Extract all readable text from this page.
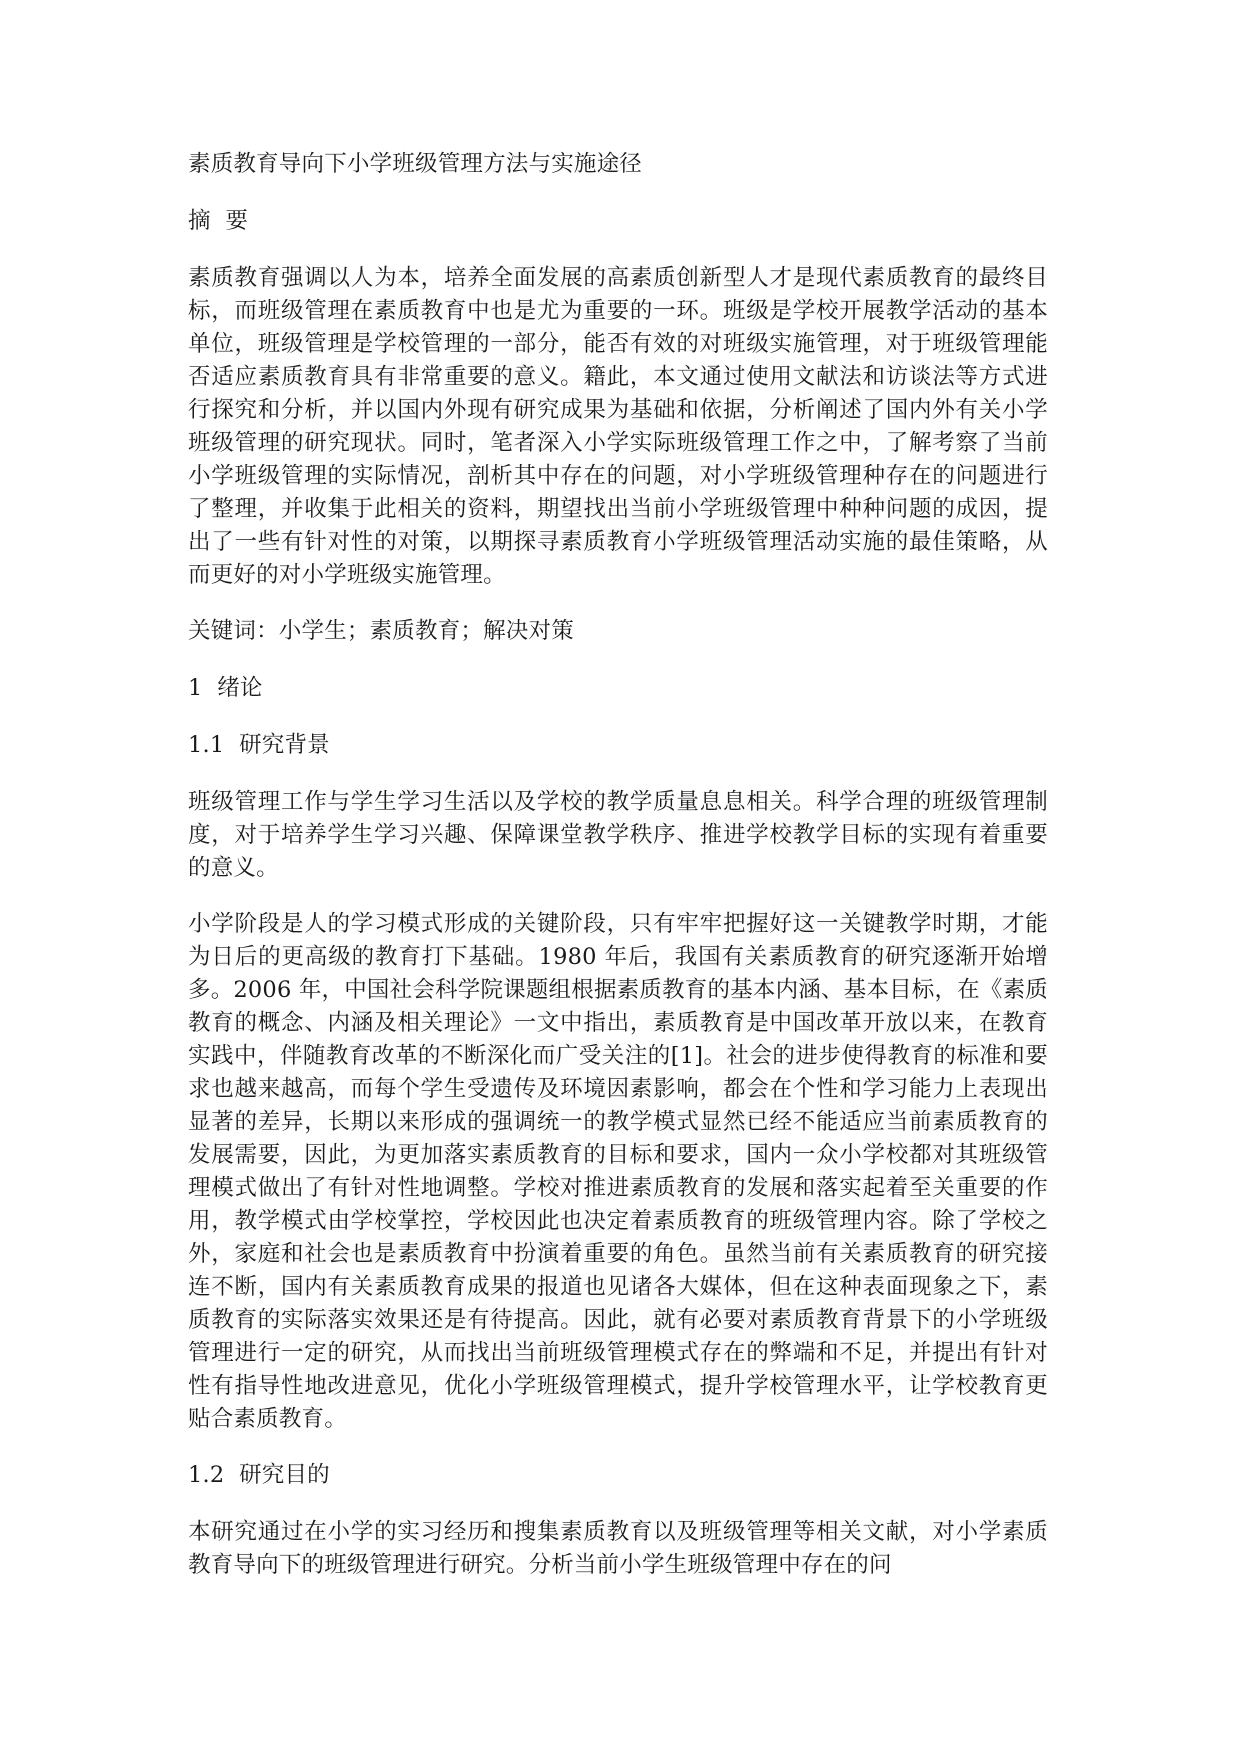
素质教育导向下小学班级管理方法与实施途径

摘  要

素质教育强调以人为本，培养全面发展的高素质创新型人才是现代素质教育的最终目标，而班级管理在素质教育中也是尤为重要的一环。班级是学校开展教学活动的基本单位，班级管理是学校管理的一部分，能否有效的对班级实施管理，对于班级管理能否适应素质教育具有非常重要的意义。籍此，本文通过使用文献法和访谈法等方式进行探究和分析，并以国内外现有研究成果为基础和依据，分析阐述了国内外有关小学班级管理的研究现状。同时，笔者深入小学实际班级管理工作之中，了解考察了当前小学班级管理的实际情况，剖析其中存在的问题，对小学班级管理种存在的问题进行了整理，并收集于此相关的资料，期望找出当前小学班级管理中种种问题的成因，提出了一些有针对性的对策，以期探寻素质教育小学班级管理活动实施的最佳策略，从而更好的对小学班级实施管理。

关键词：小学生；素质教育；解决对策

1  绪论

1.1  研究背景

班级管理工作与学生学习生活以及学校的教学质量息息相关。科学合理的班级管理制度，对于培养学生学习兴趣、保障课堂教学秩序、推进学校教学目标的实现有着重要的意义。

小学阶段是人的学习模式形成的关键阶段，只有牢牢把握好这一关键教学时期，才能为日后的更高级的教育打下基础。1980 年后，我国有关素质教育的研究逐渐开始增多。2006 年，中国社会科学院课题组根据素质教育的基本内涵、基本目标，在《素质教育的概念、内涵及相关理论》一文中指出，素质教育是中国改革开放以来，在教育实践中，伴随教育改革的不断深化而广受关注的[1]。社会的进步使得教育的标准和要求也越来越高，而每个学生受遗传及环境因素影响，都会在个性和学习能力上表现出显著的差异，长期以来形成的强调统一的教学模式显然已经不能适应当前素质教育的发展需要，因此，为更加落实素质教育的目标和要求，国内一众小学校都对其班级管理模式做出了有针对性地调整。学校对推进素质教育的发展和落实起着至关重要的作用，教学模式由学校掌控，学校因此也决定着素质教育的班级管理内容。除了学校之外，家庭和社会也是素质教育中扮演着重要的角色。虽然当前有关素质教育的研究接连不断，国内有关素质教育成果的报道也见诸各大媒体，但在这种表面现象之下，素质教育的实际落实效果还是有待提高。因此，就有必要对素质教育背景下的小学班级管理进行一定的研究，从而找出当前班级管理模式存在的弊端和不足，并提出有针对性有指导性地改进意见，优化小学班级管理模式，提升学校管理水平，让学校教育更贴合素质教育。

1.2  研究目的

本研究通过在小学的实习经历和搜集素质教育以及班级管理等相关文献，对小学素质教育导向下的班级管理进行研究。分析当前小学生班级管理中存在的问
